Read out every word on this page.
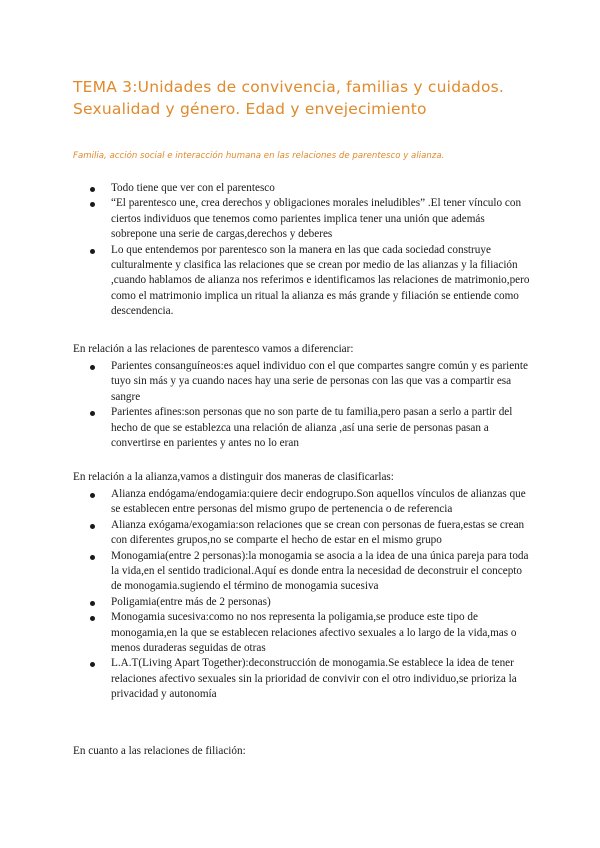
TEMA 3:Unidades de convivencia, familias y cuidados. Sexualidad y género. Edad y envejecimiento
Familia, acción social e interacción humana en las relaciones de parentesco y alianza.
Todo tiene que ver con el parentesco
“El parentesco une, crea derechos y obligaciones morales ineludibles” .El tener vínculo con ciertos individuos que tenemos como parientes implica tener una unión que además sobrepone una serie de cargas,derechos y deberes
Lo que entendemos por parentesco son la manera en las que cada sociedad construye culturalmente y clasifica las relaciones que se crean por medio de las alianzas y la filiación ,cuando hablamos de alianza nos referimos e identificamos las relaciones de matrimonio,pero como el matrimonio implica un ritual la alianza es más grande y filiación se entiende como descendencia.
En relación a las relaciones de parentesco vamos a diferenciar:
Parientes consanguíneos:es aquel individuo con el que compartes sangre común y es pariente tuyo sin más y ya cuando naces hay una serie de personas con las que vas a compartir esa sangre
Parientes afines:son personas que no son parte de tu familia,pero pasan a serlo a partir del hecho de que se establezca una relación de alianza ,así una serie de personas pasan a convertirse en parientes y antes no lo eran
En relación a la alianza,vamos a distinguir dos maneras de clasificarlas:
Alianza endógama/endogamia:quiere decir endogrupo.Son aquellos vínculos de alianzas que se establecen entre personas del mismo grupo de pertenencia o de referencia
Alianza exógama/exogamia:son relaciones que se crean con personas de fuera,estas se crean con diferentes grupos,no se comparte el hecho de estar en el mismo grupo
Monogamia(entre 2 personas):la monogamia se asocia a la idea de una única pareja para toda la vida,en el sentido tradicional.Aquí es donde entra la necesidad de deconstruir el concepto de monogamia.sugiendo el término de monogamia sucesiva
Poligamia(entre más de 2 personas)
Monogamia sucesiva:como no nos representa la poligamia,se produce este tipo de monogamia,en la que se establecen relaciones afectivo sexuales a lo largo de la vida,mas o menos duraderas seguidas de otras
L.A.T(Living Apart Together):deconstrucción de monogamia.Se establece la idea de tener relaciones afectivo sexuales sin la prioridad de convivir con el otro individuo,se prioriza la privacidad y autonomía
En cuanto a las relaciones de filiación:
